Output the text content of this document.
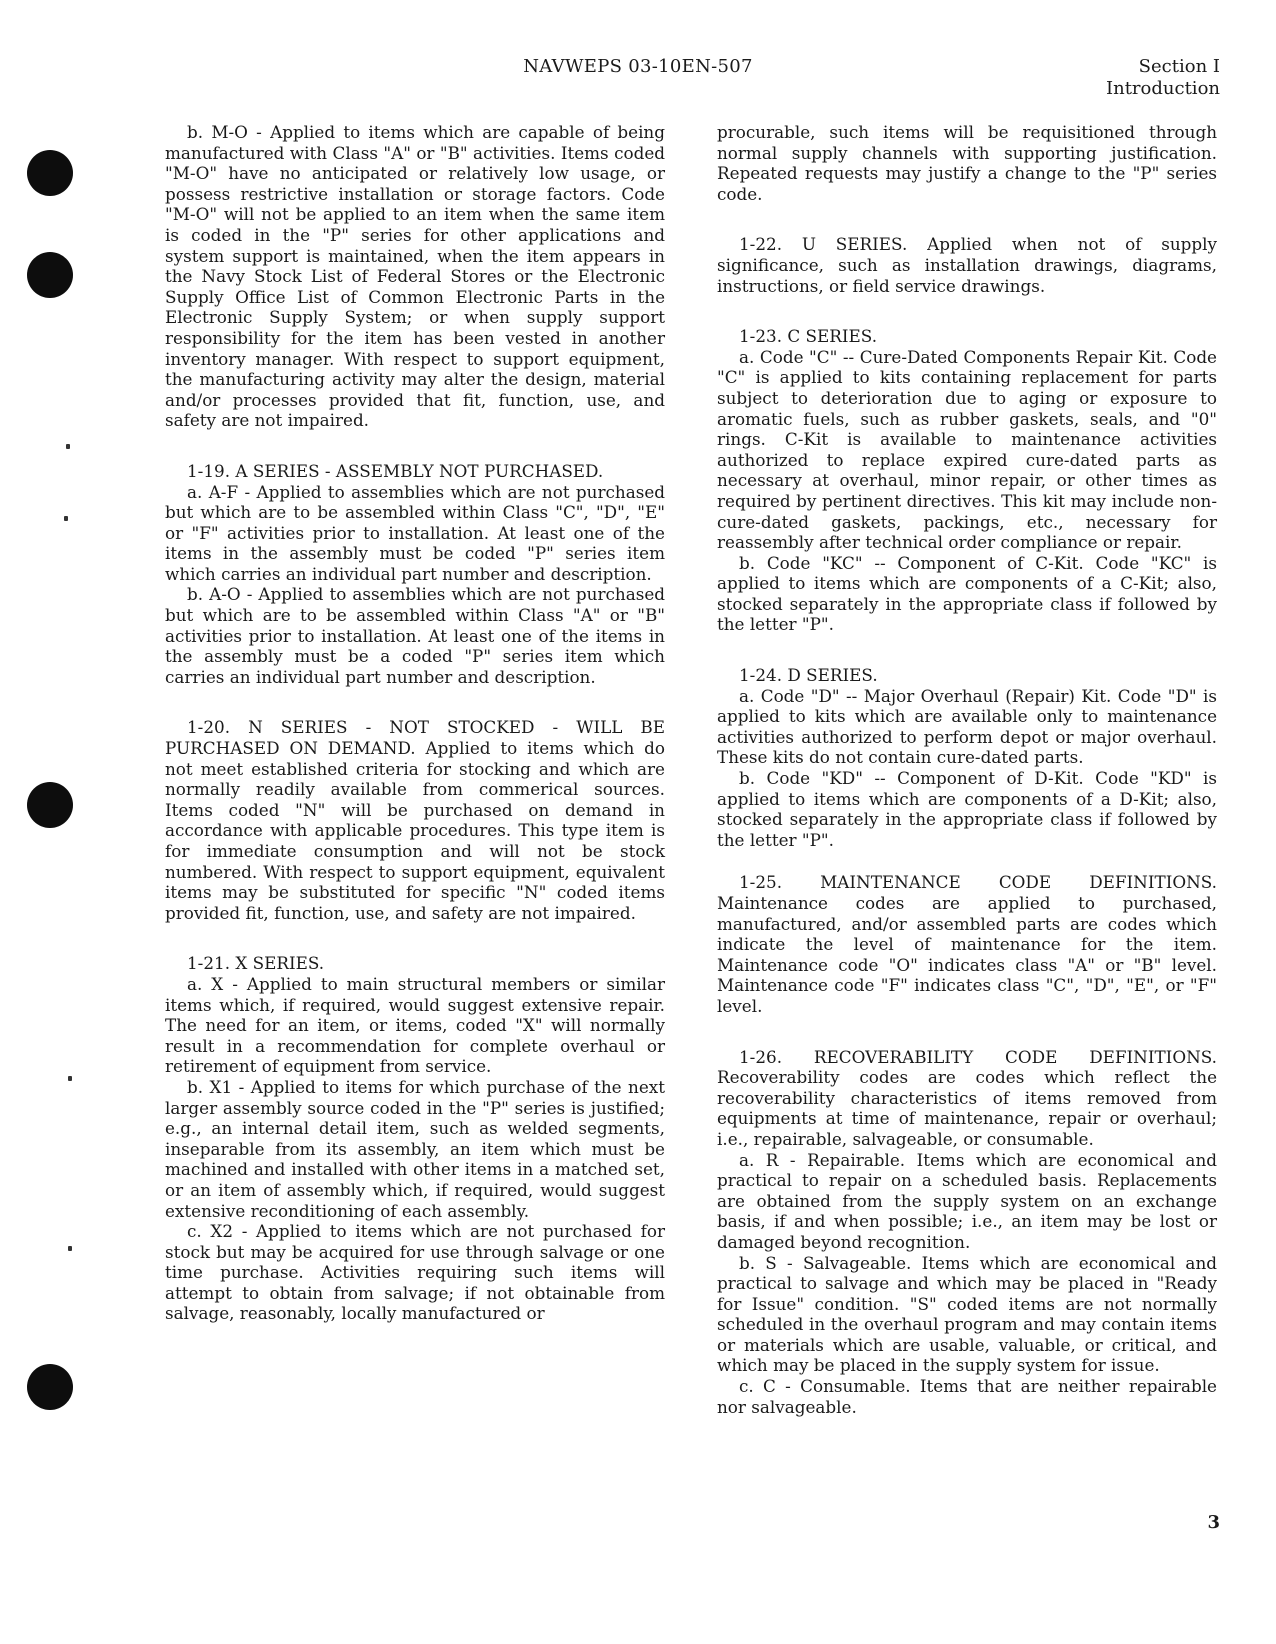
NAVWEPS 03-10EN-507	Section I
Introduction

b. M-O - Applied to items which are capable of being manufactured with Class "A" or "B" activities. Items coded "M-O" have no anticipated or relatively low usage, or possess restrictive installation or storage factors. Code "M-O" will not be applied to an item when the same item is coded in the "P" series for other applications and system support is maintained, when the item appears in the Navy Stock List of Federal Stores or the Electronic Supply Office List of Common Electronic Parts in the Electronic Supply System; or when supply support responsibility for the item has been vested in another inventory manager. With respect to support equipment, the manufacturing activity may alter the design, material and/or processes provided that fit, function, use, and safety are not impaired.

1-19. A SERIES - ASSEMBLY NOT PURCHASED.

a. A-F - Applied to assemblies which are not purchased but which are to be assembled within Class "C", "D", "E" or "F" activities prior to installation. At least one of the items in the assembly must be coded "P" series item which carries an individual part number and description.

b. A-O - Applied to assemblies which are not purchased but which are to be assembled within Class "A" or "B" activities prior to installation. At least one of the items in the assembly must be a coded "P" series item which carries an individual part number and description.

1-20. N SERIES - NOT STOCKED - WILL BE PURCHASED ON DEMAND. Applied to items which do not meet established criteria for stocking and which are normally readily available from commerical sources. Items coded "N" will be purchased on demand in accordance with applicable procedures. This type item is for immediate consumption and will not be stock numbered. With respect to support equipment, equivalent items may be substituted for specific "N" coded items provided fit, function, use, and safety are not impaired.

1-21. X SERIES.

a. X - Applied to main structural members or similar items which, if required, would suggest extensive repair. The need for an item, or items, coded "X" will normally result in a recommendation for complete overhaul or retirement of equipment from service.

b. X1 - Applied to items for which purchase of the next larger assembly source coded in the "P" series is justified; e.g., an internal detail item, such as welded segments, inseparable from its assembly, an item which must be machined and installed with other items in a matched set, or an item of assembly which, if required, would suggest extensive reconditioning of each assembly.

c. X2 - Applied to items which are not purchased for stock but may be acquired for use through salvage or one time purchase. Activities requiring such items will attempt to obtain from salvage; if not obtainable from salvage, reasonably, locally manufactured or

procurable, such items will be requisitioned through normal supply channels with supporting justification. Repeated requests may justify a change to the "P" series code.

1-22. U SERIES. Applied when not of supply significance, such as installation drawings, diagrams, instructions, or field service drawings.

1-23. C SERIES.

a. Code "C" -- Cure-Dated Components Repair Kit. Code "C" is applied to kits containing replacement for parts subject to deterioration due to aging or exposure to aromatic fuels, such as rubber gaskets, seals, and "0" rings. C-Kit is available to maintenance activities authorized to replace expired cure-dated parts as necessary at overhaul, minor repair, or other times as required by pertinent directives. This kit may include non-cure-dated gaskets, packings, etc., necessary for reassembly after technical order compliance or repair.

b. Code "KC" -- Component of C-Kit. Code "KC" is applied to items which are components of a C-Kit; also, stocked separately in the appropriate class if followed by the letter "P".

1-24. D SERIES.

a. Code "D" -- Major Overhaul (Repair) Kit. Code "D" is applied to kits which are available only to maintenance activities authorized to perform depot or major overhaul. These kits do not contain cure-dated parts.

b. Code "KD" -- Component of D-Kit. Code "KD" is applied to items which are components of a D-Kit; also, stocked separately in the appropriate class if followed by the letter "P".

1-25. MAINTENANCE CODE DEFINITIONS. Maintenance codes are applied to purchased, manufactured, and/or assembled parts are codes which indicate the level of maintenance for the item. Maintenance code "O" indicates class "A" or "B" level. Maintenance code "F" indicates class "C", "D", "E", or "F" level.

1-26. RECOVERABILITY CODE DEFINITIONS. Recoverability codes are codes which reflect the recoverability characteristics of items removed from equipments at time of maintenance, repair or overhaul; i.e., repairable, salvageable, or consumable.

a. R - Repairable. Items which are economical and practical to repair on a scheduled basis. Replacements are obtained from the supply system on an exchange basis, if and when possible; i.e., an item may be lost or damaged beyond recognition.

b. S - Salvageable. Items which are economical and practical to salvage and which may be placed in "Ready for Issue" condition. "S" coded items are not normally scheduled in the overhaul program and may contain items or materials which are usable, valuable, or critical, and which may be placed in the supply system for issue.

c. C - Consumable. Items that are neither repairable nor salvageable.

3
